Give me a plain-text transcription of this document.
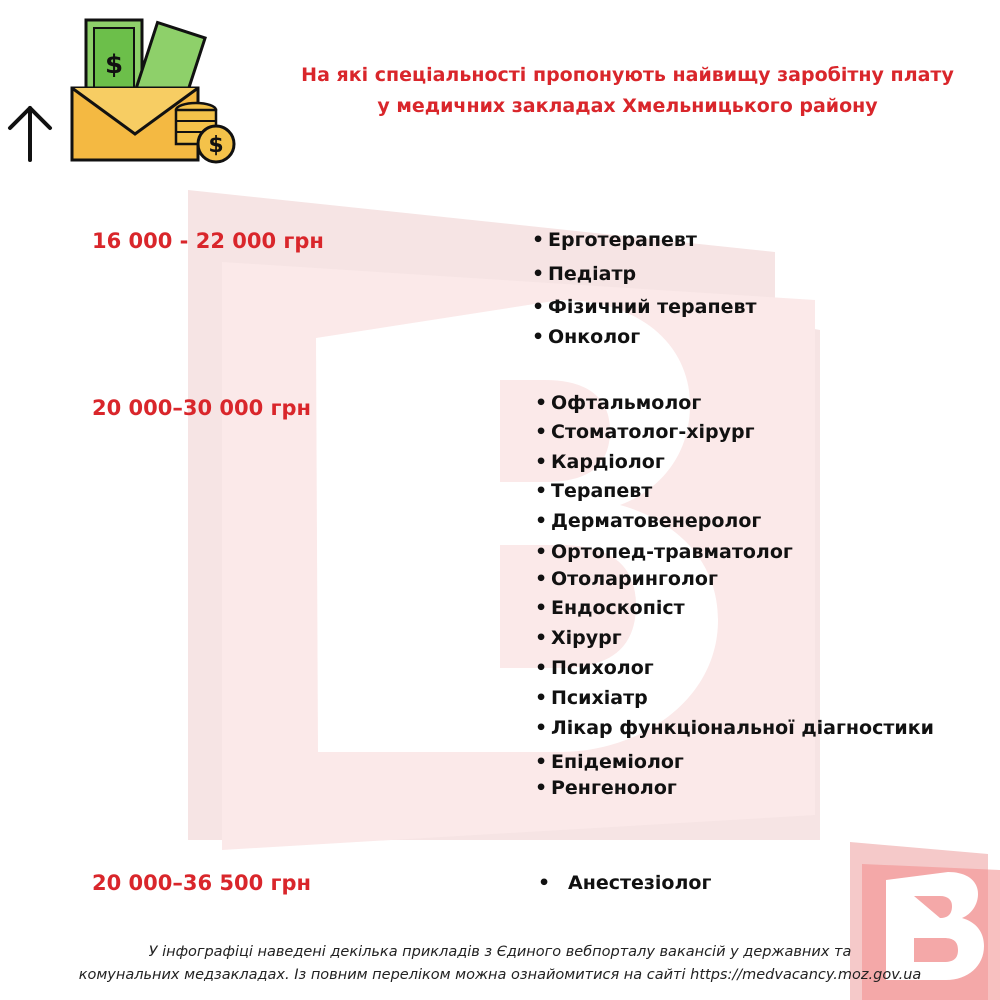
$
$
На які спеціальності пропонують найвищу заробітну плату
у медичних закладах Хмельницького району
16 000 - 22 000 грн	• Ерготерапевт
• Педіатр
• Фізичний терапевт
• Онколог
20 000–30 000 грн	• Офтальмолог
• Стоматолог-хірург
• Кардіолог
• Терапевт
• Дерматовенеролог
• Ортопед-травматолог
• Отоларинголог
• Ендоскопіст
• Хірург
• Психолог
• Психіатр
• Лікар функціональної діагностики
• Епідеміолог
• Ренгенолог
20 000–36 500 грн	• Анестезіолог
У інфографіці наведені декілька прикладів з Єдиного вебпорталу вакансій у державних та
комунальних медзакладах. Із повним переліком можна ознайомитися на сайті https://medvacancy.moz.gov.ua
